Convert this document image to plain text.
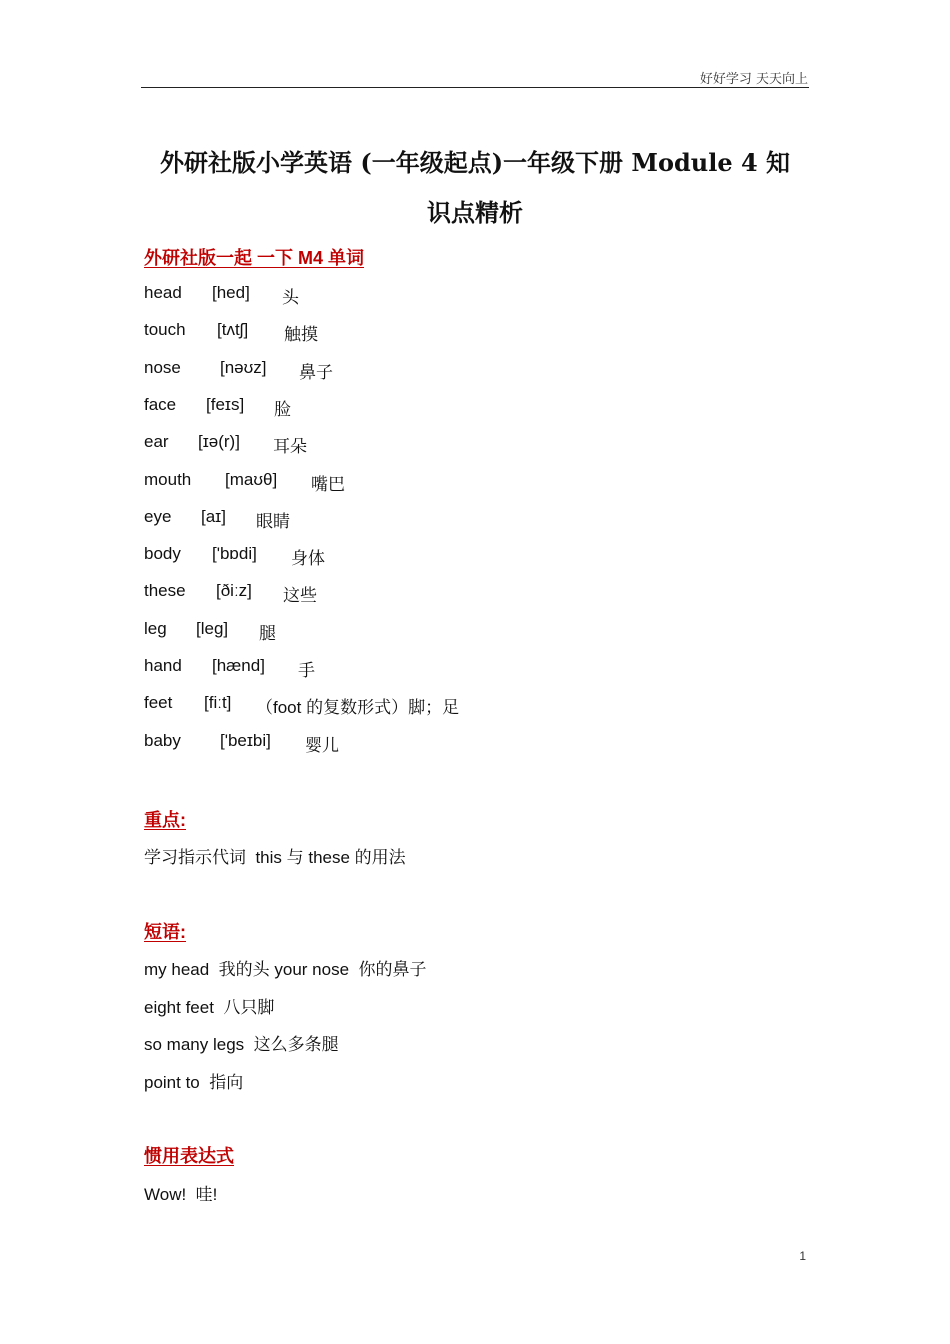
好好学习 天天向上
外研社版小学英语 (一年级起点)一年级下册 Module 4 知
识点精析
外研社版一起 一下 M4 单词
head [hed] 头
touch [tʌtʃ] 触摸
nose [nəʊz] 鼻子
face [feɪs] 脸
ear [ɪə(r)] 耳朵
mouth [maʊθ] 嘴巴
eye [aɪ] 眼睛
body ['bɒdi] 身体
these [ðiːz] 这些
leg [leɡ] 腿
hand [hænd] 手
feet [fiːt] （foot 的复数形式）脚；足
baby ['beɪbi] 婴儿
重点:
学习指示代词  this 与 these 的用法
短语:
my head  我的头 your nose  你的鼻子
eight feet  八只脚
so many legs  这么多条腿
point to  指向
惯用表达式
Wow!  哇!
1
